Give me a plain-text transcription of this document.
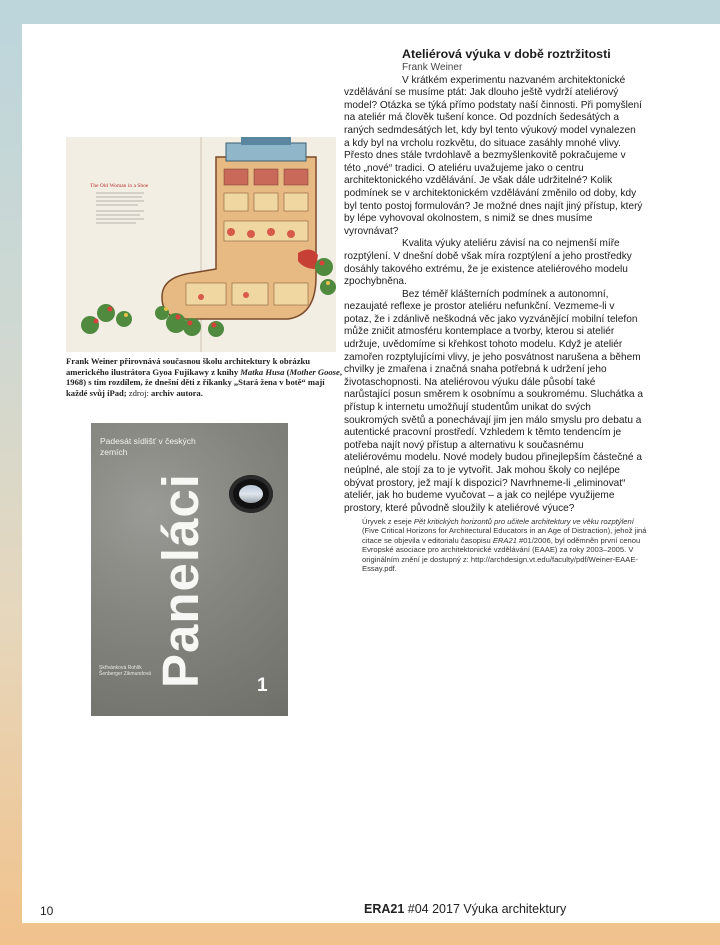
The Old Woman in a Shoe
Frank Weiner přirovnává současnou školu architektury k obrázku amerického ilustrátora Gyoa Fujikawy z knihy Matka Husa (Mother Goose, 1968) s tím rozdílem, že dnešní děti z říkanky „Stará žena v botě“ mají každé svůj iPad; zdroj: archiv autora.
Padesát sídlišť v českých zemích
Paneláci
Skřivánková Rohlík Šenberger Zikmundová
1
Ateliérová výuka v době roztržitosti
Frank Weiner

V krátkém experimentu nazvaném architektonické vzdělávání se musíme ptát: Jak dlouho ještě vydrží ateliérový model? Otázka se týká přímo podstaty naší činnosti. Při pomyšlení na ateliér má člověk tušení konce. Od pozdních šedesátých a raných sedmdesátých let, kdy byl tento výukový model vynalezen a kdy byl na vrcholu rozkvětu, do situace zasáhly mnohé vlivy. Přesto dnes stále tvrdohlavě a bezmyšlenkovitě pokračujeme v této „nové“ tradici. O ateliéru uvažujeme jako o centru architektonického vzdělávání. Je však dále udržitelné? Kolik podmínek se v architektonickém vzdělávání změnilo od doby, kdy byl tento postoj formulován? Je možné dnes najít jiný přístup, který by lépe vyhovoval okolnostem, s nimiž se dnes musíme vyrovnávat?

Kvalita výuky ateliéru závisí na co nejmenší míře rozptýlení. V dnešní době však míra rozptýlení a jeho prostředky dosáhly takového extrému, že je existence ateliérového modelu zpochybněna.

Bez téměř klášterních podmínek a autonomní, nezaujaté reflexe je prostor ateliéru nefunkční. Vezmeme-li v potaz, že i zdánlivě neškodná věc jako vyzvánějící mobilní telefon může zničit atmosféru kontemplace a tvorby, kterou si ateliér udržuje, uvědomíme si křehkost tohoto modelu. Když je ateliér zamořen rozptylujícími vlivy, je jeho posvátnost narušena a během chvilky je zmařena i značná snaha potřebná k udržení jeho životaschopnosti. Na ateliérovou výuku dále působí také narůstající posun směrem k osobnímu a soukromému. Sluchátka a přístup k internetu umožňují studentům unikat do svých soukromých světů a ponechávají jim jen málo smyslu pro debatu a autentické pracovní prostředí. Vzhledem k těmto tendencím je potřeba najít nový přístup a alternativu k současnému ateliérovému modelu. Nové modely budou přinejlepším částečné a neúplné, ale stojí za to je vytvořit. Jak mohou školy co nejlépe obývat prostory, jež mají k dispozici? Navrhneme-li „eliminovat“ ateliér, jak ho budeme vyučovat – a jak co nejlépe využijeme prostory, které původně sloužily k ateliérové výuce?

Úryvek z eseje Pět kritických horizontů pro učitele architektury ve věku rozptýlení (Five Critical Horizons for Architectural Educators in an Age of Distraction), jehož jiná citace se objevila v editorialu časopisu ERA21 #01/2006, byl oděmněn první cenou Evropské asociace pro architektonické vzdělávání (EAAE) za roky 2003–2005. V originálním znění je dostupný z: http://archdesign.vt.edu/faculty/pdf/Weiner-EAAE-Essay.pdf.
10	ERA21 #04 2017 Výuka architektury
